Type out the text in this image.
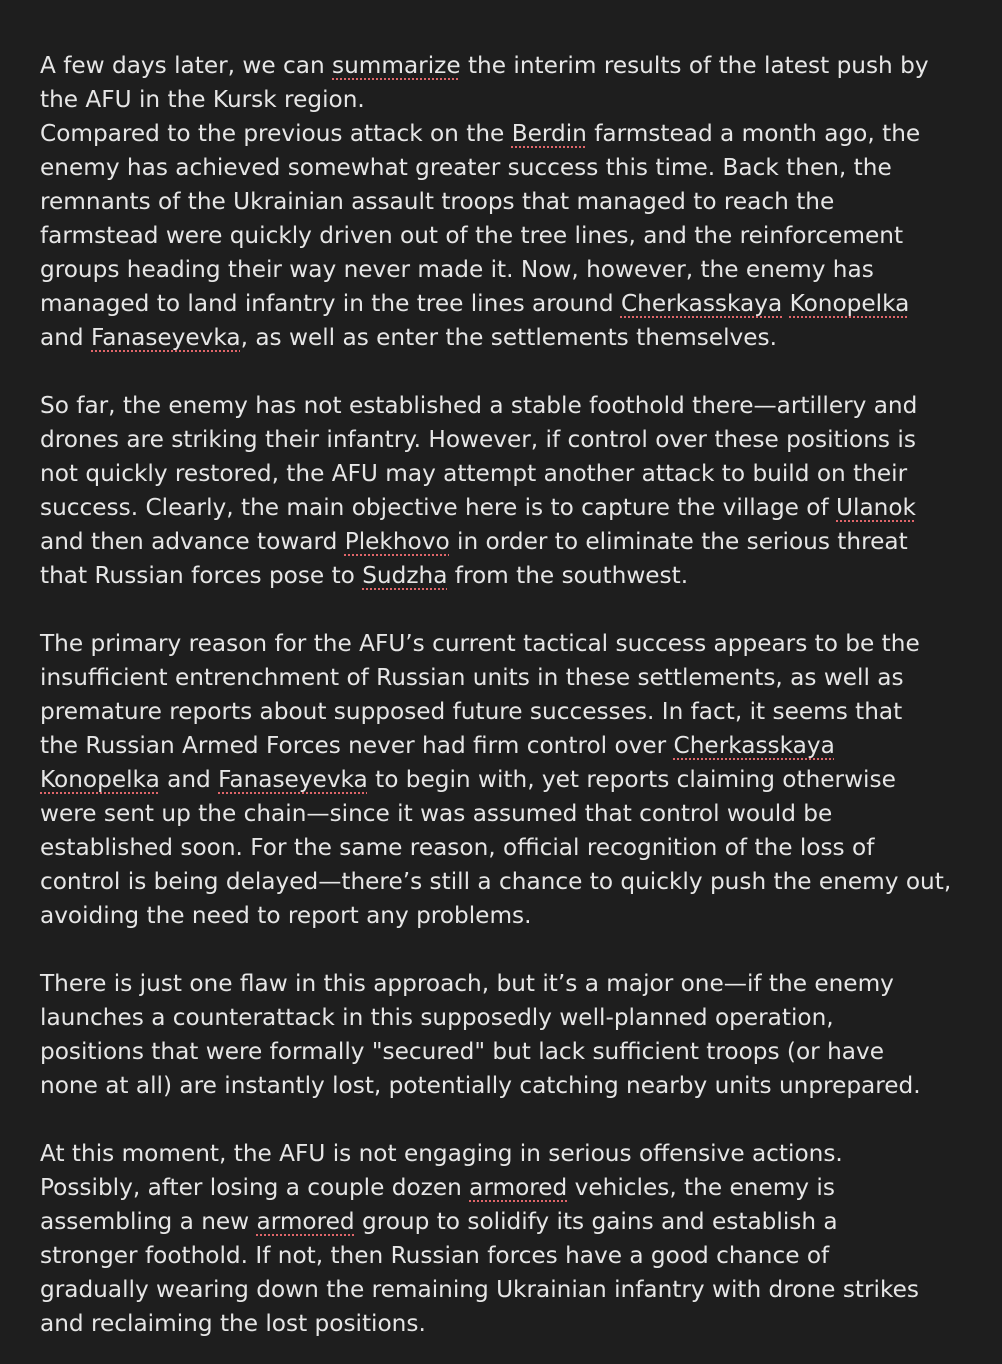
A few days later, we can summarize the interim results of the latest push by
the AFU in the Kursk region.
Compared to the previous attack on the Berdin farmstead a month ago, the
enemy has achieved somewhat greater success this time. Back then, the
remnants of the Ukrainian assault troops that managed to reach the
farmstead were quickly driven out of the tree lines, and the reinforcement
groups heading their way never made it. Now, however, the enemy has
managed to land infantry in the tree lines around Cherkasskaya Konopelka
and Fanaseyevka, as well as enter the settlements themselves.

So far, the enemy has not established a stable foothold there—artillery and
drones are striking their infantry. However, if control over these positions is
not quickly restored, the AFU may attempt another attack to build on their
success. Clearly, the main objective here is to capture the village of Ulanok
and then advance toward Plekhovo in order to eliminate the serious threat
that Russian forces pose to Sudzha from the southwest.

The primary reason for the AFU’s current tactical success appears to be the
insufficient entrenchment of Russian units in these settlements, as well as
premature reports about supposed future successes. In fact, it seems that
the Russian Armed Forces never had firm control over Cherkasskaya
Konopelka and Fanaseyevka to begin with, yet reports claiming otherwise
were sent up the chain—since it was assumed that control would be
established soon. For the same reason, official recognition of the loss of
control is being delayed—there’s still a chance to quickly push the enemy out,
avoiding the need to report any problems.

There is just one flaw in this approach, but it’s a major one—if the enemy
launches a counterattack in this supposedly well-planned operation,
positions that were formally "secured" but lack sufficient troops (or have
none at all) are instantly lost, potentially catching nearby units unprepared.

At this moment, the AFU is not engaging in serious offensive actions.
Possibly, after losing a couple dozen armored vehicles, the enemy is
assembling a new armored group to solidify its gains and establish a
stronger foothold. If not, then Russian forces have a good chance of
gradually wearing down the remaining Ukrainian infantry with drone strikes
and reclaiming the lost positions.
